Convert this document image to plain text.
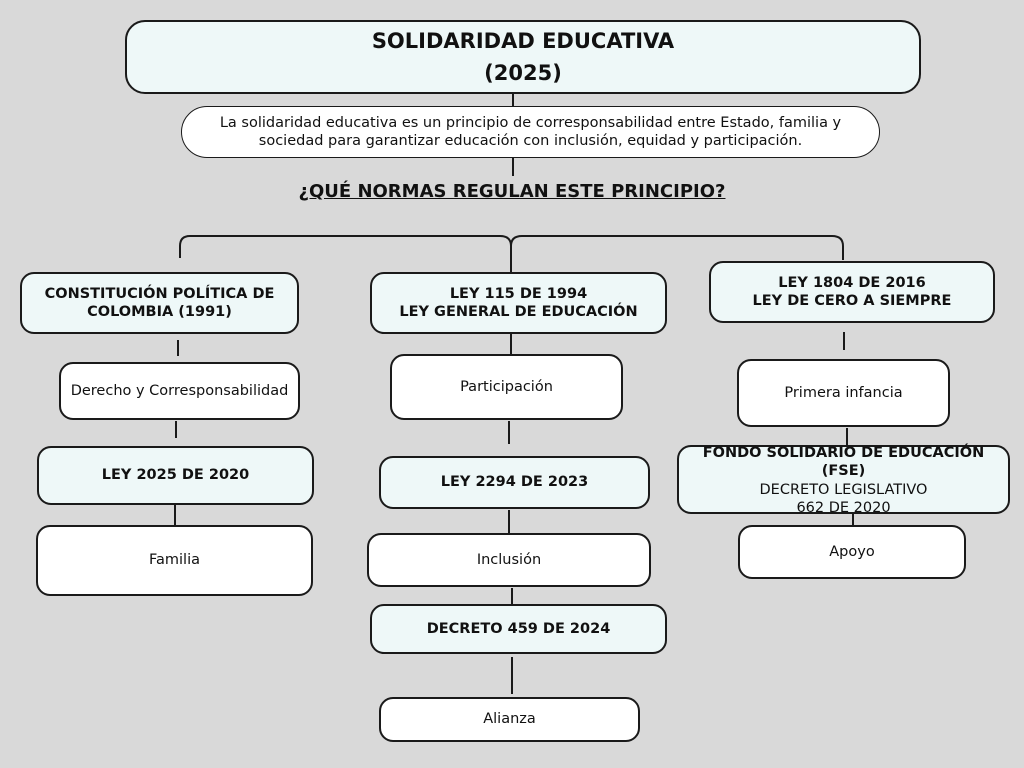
SOLIDARIDAD EDUCATIVA
(2025)
La solidaridad educativa es un principio de corresponsabilidad entre Estado, familia y sociedad para garantizar educación con inclusión, equidad y participación.
¿QUÉ NORMAS REGULAN ESTE PRINCIPIO?
CONSTITUCIÓN POLÍTICA DE
COLOMBIA (1991)
Derecho y Corresponsabilidad
LEY 2025 DE 2020
Familia
LEY 115 DE 1994
LEY GENERAL DE EDUCACIÓN
Participación
LEY 2294 DE 2023
Inclusión
DECRETO 459 DE 2024
Alianza
LEY 1804 DE 2016
LEY DE CERO A SIEMPRE
Primera infancia
FONDO SOLIDARIO DE EDUCACIÓN (FSE)
DECRETO LEGISLATIVO
662 DE 2020
Apoyo
